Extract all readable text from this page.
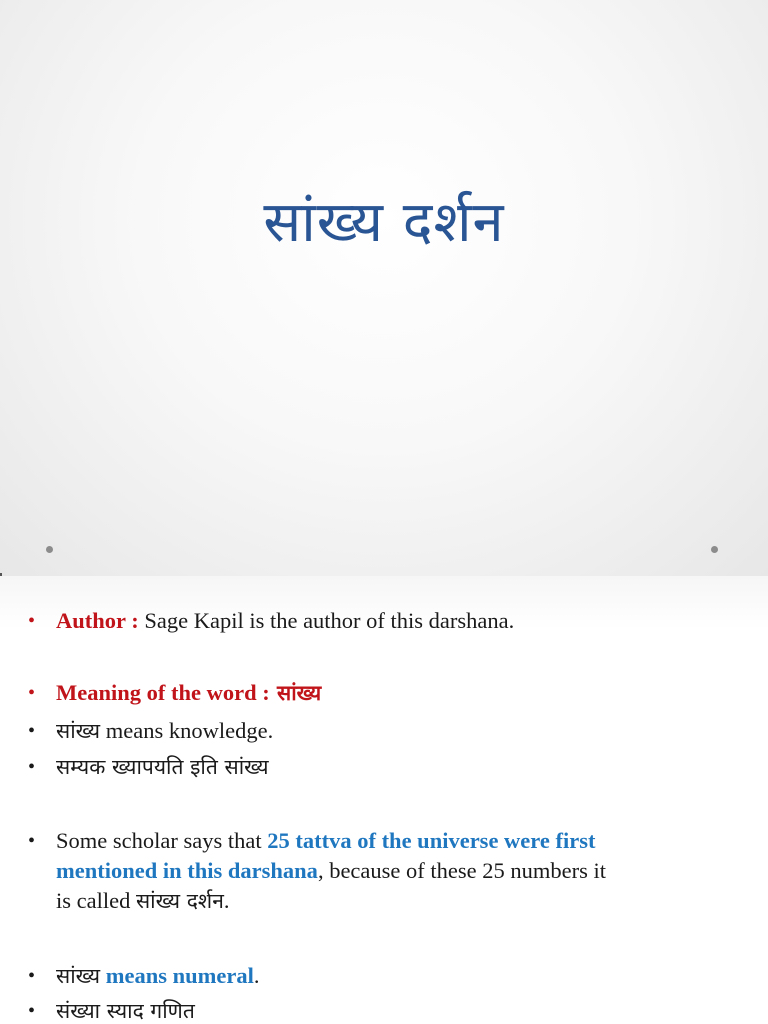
सांख्य दर्शन
• Author : Sage Kapil is the author of this darshana.
• Meaning of the word : सांख्य
• सांख्य means knowledge.
• सम्यक ख्यापयति इति सांख्य
• Some scholar says that 25 tattva of the universe were first
mentioned in this darshana, because of these 25 numbers it
is called सांख्य दर्शन.
• सांख्य means numeral.
• संख्या स्याद गणित
